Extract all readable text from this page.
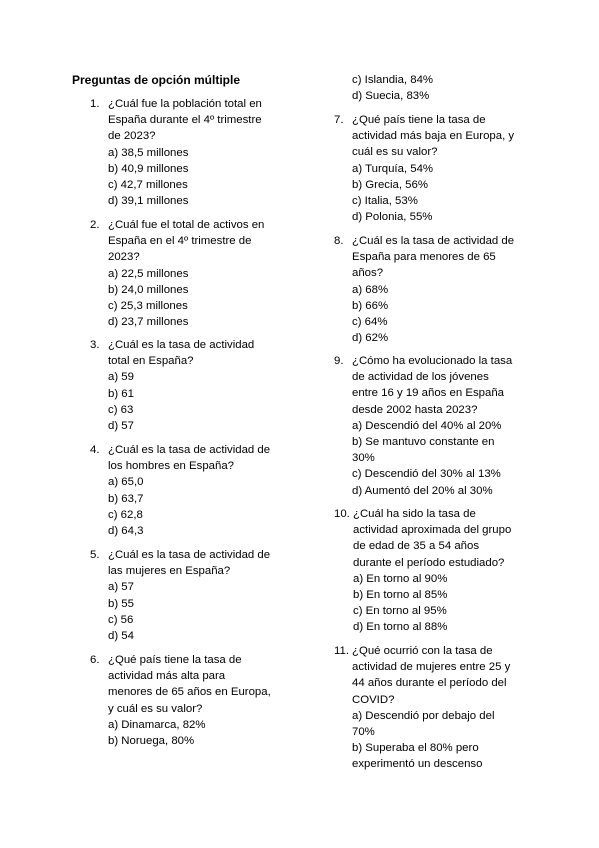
Preguntas de opción múltiple
1. ¿Cuál fue la población total en
España durante el 4º trimestre
de 2023?
a) 38,5 millones
b) 40,9 millones
c) 42,7 millones
d) 39,1 millones
2. ¿Cuál fue el total de activos en
España en el 4º trimestre de
2023?
a) 22,5 millones
b) 24,0 millones
c) 25,3 millones
d) 23,7 millones
3. ¿Cuál es la tasa de actividad
total en España?
a) 59
b) 61
c) 63
d) 57
4. ¿Cuál es la tasa de actividad de
los hombres en España?
a) 65,0
b) 63,7
c) 62,8
d) 64,3
5. ¿Cuál es la tasa de actividad de
las mujeres en España?
a) 57
b) 55
c) 56
d) 54
6. ¿Qué país tiene la tasa de
actividad más alta para
menores de 65 años en Europa,
y cuál es su valor?
a) Dinamarca, 82%
b) Noruega, 80%
c) Islandia, 84%
d) Suecia, 83%
7. ¿Qué país tiene la tasa de
actividad más baja en Europa, y
cuál es su valor?
a) Turquía, 54%
b) Grecia, 56%
c) Italia, 53%
d) Polonia, 55%
8. ¿Cuál es la tasa de actividad de
España para menores de 65
años?
a) 68%
b) 66%
c) 64%
d) 62%
9. ¿Cómo ha evolucionado la tasa
de actividad de los jóvenes
entre 16 y 19 años en España
desde 2002 hasta 2023?
a) Descendió del 40% al 20%
b) Se mantuvo constante en
30%
c) Descendió del 30% al 13%
d) Aumentó del 20% al 30%
10. ¿Cuál ha sido la tasa de
actividad aproximada del grupo
de edad de 35 a 54 años
durante el período estudiado?
a) En torno al 90%
b) En torno al 85%
c) En torno al 95%
d) En torno al 88%
11. ¿Qué ocurrió con la tasa de
actividad de mujeres entre 25 y
44 años durante el período del
COVID?
a) Descendió por debajo del
70%
b) Superaba el 80% pero
experimentó un descenso
